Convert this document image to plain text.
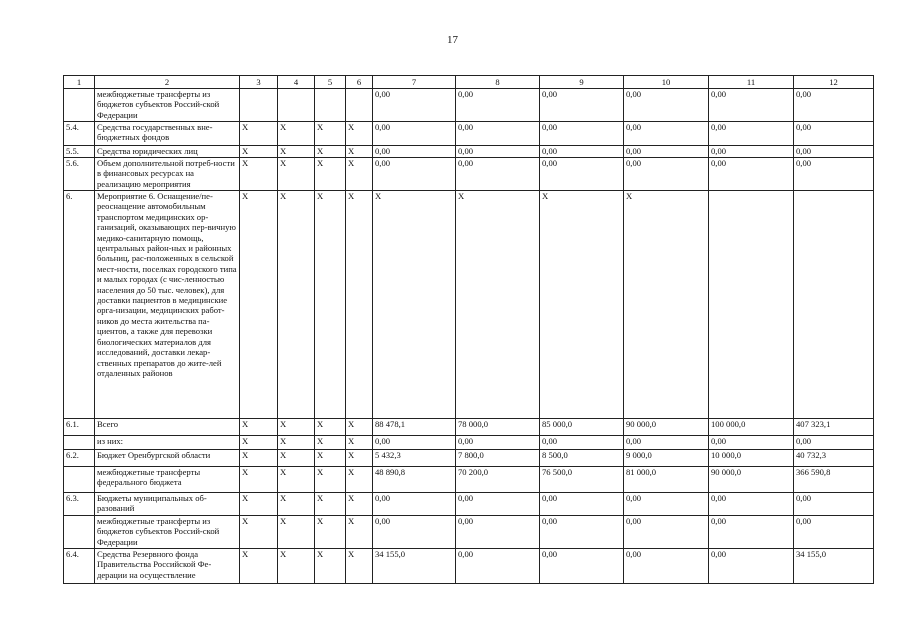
17
1	2	3	4	5	6	7	8	9	10	11	12
	межбюджетные трансферты из бюджетов субъектов Россий-ской Федерации					0,00	0,00	0,00	0,00	0,00	0,00
5.4.	Средства государственных вне-бюджетных фондов	X	X	X	X	0,00	0,00	0,00	0,00	0,00	0,00
5.5.	Средства юридических лиц	X	X	X	X	0,00	0,00	0,00	0,00	0,00	0,00
5.6.	Объем дополнительной потреб-ности в финансовых ресурсах на реализацию мероприятия	X	X	X	X	0,00	0,00	0,00	0,00	0,00	0,00
6.	Мероприятие 6. Оснащение/пе-реоснащение автомобильным транспортом медицинских ор-ганизаций, оказывающих пер-вичную медико-санитарную помощь, центральных район-ных и районных больниц, рас-положенных в сельской мест-ности, поселках городского типа и малых городах (с чис-ленностью населения до 50 тыс. человек), для доставки пациентов в медицинские орга-низации, медицинских работ-ников до места жительства па-циентов, а также для перевозки биологических материалов для исследований, доставки лекар-ственных препаратов до жите-лей отдаленных районов	X	X	X	X	X	X	X	X		
6.1.	Всего	X	X	X	X	88 478,1	78 000,0	85 000,0	90 000,0	100 000,0	407 323,1
	из них:	X	X	X	X	0,00	0,00	0,00	0,00	0,00	0,00
6.2.	Бюджет Оренбургской области	X	X	X	X	5 432,3	7 800,0	8 500,0	9 000,0	10 000,0	40 732,3
	межбюджетные трансферты федерального бюджета	X	X	X	X	48 890,8	70 200,0	76 500,0	81 000,0	90 000,0	366 590,8
6.3.	Бюджеты муниципальных об-разований	X	X	X	X	0,00	0,00	0,00	0,00	0,00	0,00
	межбюджетные трансферты из бюджетов субъектов Россий-ской Федерации	X	X	X	X	0,00	0,00	0,00	0,00	0,00	0,00
6.4.	Средства Резервного фонда Правительства Российской Фе-дерации на осуществление	X	X	X	X	34 155,0	0,00	0,00	0,00	0,00	34 155,0
